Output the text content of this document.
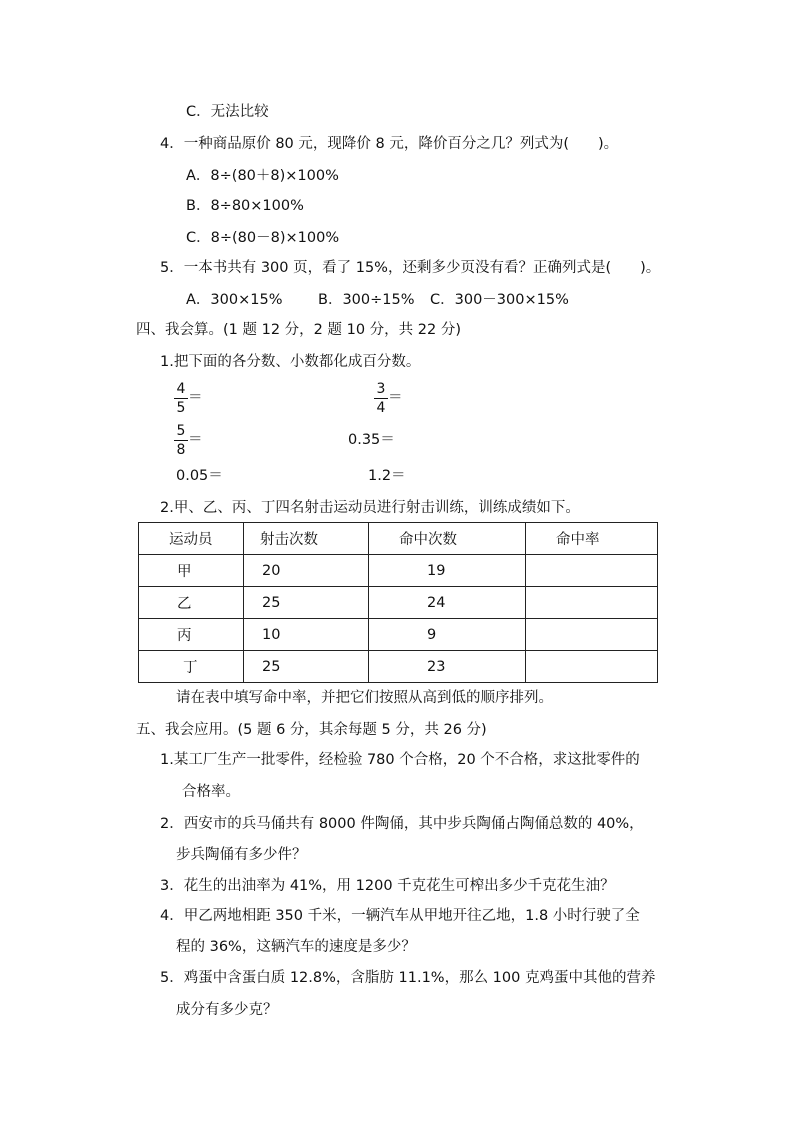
C．无法比较
4．一种商品原价 80 元，现降价 8 元，降价百分之几？列式为(　　)。
A．8÷(80＋8)×100%
B．8÷80×100%
C．8÷(80－8)×100%
5．一本书共有 300 页，看了 15%，还剩多少页没有看？正确列式是(　　)。
A．300×15% B．300÷15% C．300－300×15%
四、我会算。(1 题 12 分，2 题 10 分，共 22 分)
1.把下面的各分数、小数都化成百分数。
$\frac{4}{5}$ ＝	$\frac{3}{4}$ ＝
$\frac{5}{8}$ ＝	0.35＝
0.05＝	1.2＝
2.甲、乙、丙、丁四名射击运动员进行射击训练，训练成绩如下。
运动员	射击次数	命中次数	命中率
甲	20	19	
乙	25	24	
丙	10	9	
丁	25	23	
请在表中填写命中率，并把它们按照从高到低的顺序排列。
五、我会应用。(5 题 6 分，其余每题 5 分，共 26 分)
1.某工厂生产一批零件，经检验 780 个合格，20 个不合格，求这批零件的
合格率。
2．西安市的兵马俑共有 8000 件陶俑，其中步兵陶俑占陶俑总数的 40%，
步兵陶俑有多少件？
3．花生的出油率为 41%，用 1200 千克花生可榨出多少千克花生油？
4．甲乙两地相距 350 千米，一辆汽车从甲地开往乙地，1.8 小时行驶了全
程的 36%，这辆汽车的速度是多少？
5．鸡蛋中含蛋白质 12.8%，含脂肪 11.1%，那么 100 克鸡蛋中其他的营养
成分有多少克？
